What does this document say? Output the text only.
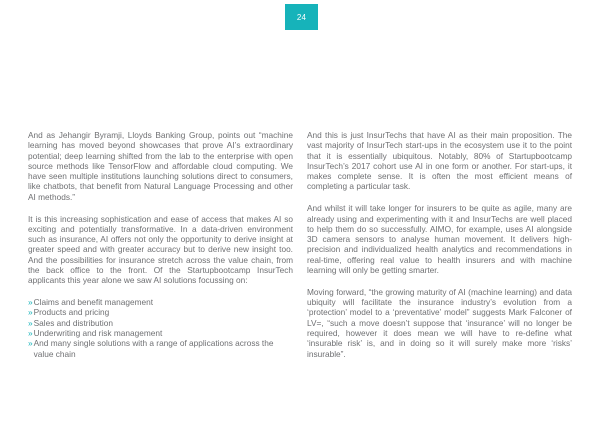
24

And as Jehangir Byramji, Lloyds Banking Group, points out “machine learning has moved beyond showcases that prove AI’s extraordinary potential; deep learning shifted from the lab to the enterprise with open source methods like TensorFlow and affordable cloud computing. We have seen multiple institutions launching solutions direct to consumers, like chatbots, that benefit from Natural Language Processing and other AI methods.”

It is this increasing sophistication and ease of access that makes AI so exciting and potentially transformative. In a data-driven environment such as insurance, AI offers not only the opportunity to derive insight at greater speed and with greater accuracy but to derive new insight too. And the possibilities for insurance stretch across the value chain, from the back office to the front. Of the Startupbootcamp InsurTech applicants this year alone we saw AI solutions focussing on:

» Claims and benefit management
» Products and pricing
» Sales and distribution
» Underwriting and risk management
» And many single solutions with a range of applications across the value chain

And this is just InsurTechs that have AI as their main proposition. The vast majority of InsurTech start-ups in the ecosystem use it to the point that it is essentially ubiquitous. Notably, 80% of Startupbootcamp InsurTech’s 2017 cohort use AI in one form or another. For start-ups, it makes complete sense. It is often the most efficient means of completing a particular task.

And whilst it will take longer for insurers to be quite as agile, many are already using and experimenting with it and InsurTechs are well placed to help them do so successfully. AIMO, for example, uses AI alongside 3D camera sensors to analyse human movement. It delivers high-precision and individualized health analytics and recommendations in real-time, offering real value to health insurers and with machine learning will only be getting smarter.

Moving forward, “the growing maturity of AI (machine learning) and data ubiquity will facilitate the insurance industry’s evolution from a ‘protection’ model to a ‘preventative’ model” suggests Mark Falconer of LV=, “such a move doesn’t suppose that ‘insurance’ will no longer be required, however it does mean we will have to re-define what ‘insurable risk’ is, and in doing so it will surely make more ‘risks’ insurable”.
